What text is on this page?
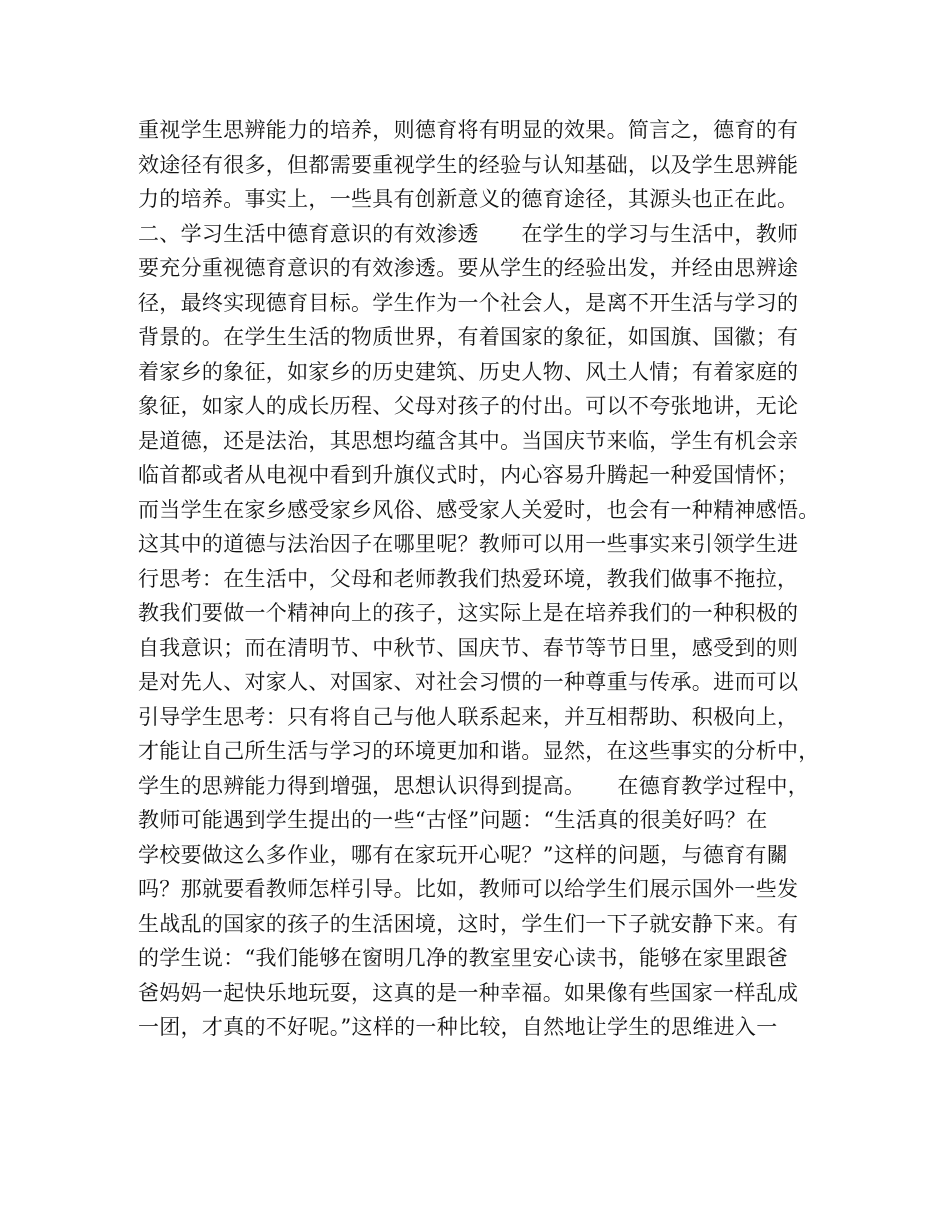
重视学生思辨能力的培养，则德育将有明显的效果。简言之，德育的有
效途径有很多，但都需要重视学生的经验与认知基础，以及学生思辨能
力的培养。事实上，一些具有创新意义的德育途径，其源头也正在此。
二、学习生活中德育意识的有效渗透　　在学生的学习与生活中，教师
要充分重视德育意识的有效渗透。要从学生的经验出发，并经由思辨途
径，最终实现德育目标。学生作为一个社会人，是离不开生活与学习的
背景的。在学生生活的物质世界，有着国家的象征，如国旗、国徽；有
着家乡的象征，如家乡的历史建筑、历史人物、风土人情；有着家庭的
象征，如家人的成长历程、父母对孩子的付出。可以不夸张地讲，无论
是道德，还是法治，其思想均蕴含其中。当国庆节来临，学生有机会亲
临首都或者从电视中看到升旗仪式时，内心容易升腾起一种爱国情怀；
而当学生在家乡感受家乡风俗、感受家人关爱时，也会有一种精神感悟。
这其中的道德与法治因子在哪里呢？教师可以用一些事实来引领学生进
行思考：在生活中，父母和老师教我们热爱环境，教我们做事不拖拉，
教我们要做一个精神向上的孩子，这实际上是在培养我们的一种积极的
自我意识；而在清明节、中秋节、国庆节、春节等节日里，感受到的则
是对先人、对家人、对国家、对社会习惯的一种尊重与传承。进而可以
引导学生思考：只有将自己与他人联系起来，并互相帮助、积极向上，
才能让自己所生活与学习的环境更加和谐。显然，在这些事实的分析中，
学生的思辨能力得到增强，思想认识得到提高。　　在德育教学过程中，
教师可能遇到学生提出的一些“古怪”问题：“生活真的很美好吗？在
学校要做这么多作业，哪有在家玩开心呢？”这样的问题，与德育有關
吗？那就要看教师怎样引导。比如，教师可以给学生们展示国外一些发
生战乱的国家的孩子的生活困境，这时，学生们一下子就安静下来。有
的学生说：“我们能够在窗明几净的教室里安心读书，能够在家里跟爸
爸妈妈一起快乐地玩耍，这真的是一种幸福。如果像有些国家一样乱成
一团，才真的不好呢。”这样的一种比较，自然地让学生的思维进入一
